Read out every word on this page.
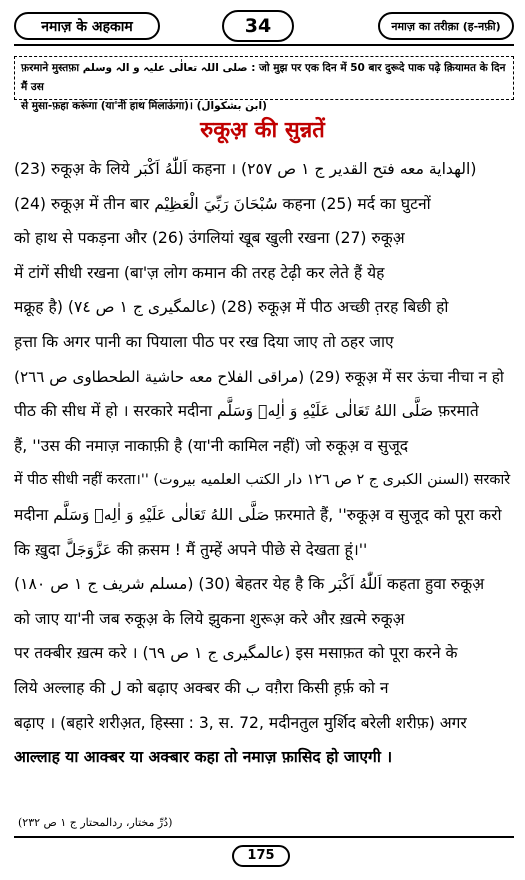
नमाज़ के अहकाम	34	नमाज़ का तरीक़ा (ह-नफ़ी)
फ़रमाने मुस्तफ़ा صلی اللہ تعالٰی علیہ و الہ وسلم : जो मुझ पर एक दिन में 50 बार दुरूदे पाक पढ़े क़ियामत के दिन मैं उस
से मुसा-फ़हा करूंगा (या'नी हाथ मिलाऊंगा)। (ابن بشکوال)
रुकूअ़ की सुन्नतें
(23) रुकूअ़ के लिये اَللّٰهُ اَكْبَر कहना । (الهداية معه فتح القدير ج ١ ص ٢٥٧)
(24) रुकूअ़ में तीन बार سُبْحَانَ رَبِّيَ الْعَظِيْم कहना (25) मर्द का घुटनों
को हाथ से पकड़ना और (26) उंगलियां खूब खुली रखना (27) रुकूअ़
में टांगें सीधी रखना (बा'ज़ लोग कमान की तरह टेढ़ी कर लेते हैं येह
मक्रूह है) (عالمگیری ج ١ ص ٧٤) (28) रुकूअ़ में पीठ अच्छी त़रह बिछी हो
ह़त्ता कि अगर पानी का पियाला पीठ पर रख दिया जाए तो ठहर जाए
(مراقی الفلاح معه حاشیة الطحطاوی ص ٢٦٦) (29) रुकूअ़ में सर ऊंचा नीचा न हो
पीठ की सीध में हो । सरकारे मदीना صَلَّى اللهُ تَعَالٰى عَلَيْهِ وَ اٰلِهٖ وَسَلَّم फ़रमाते
हैं, ''उस की नमाज़ नाकाफ़ी है (या'नी कामिल नहीं) जो रुकूअ़ व सुजूद
में पीठ सीधी नहीं करता।'' (السنن الکبری ج ٢ ص ١٢٦ دار الکتب العلمیه بیروت) सरकारे
मदीना صَلَّى اللهُ تَعَالٰى عَلَيْهِ وَ اٰلِهٖ وَسَلَّم फ़रमाते हैं, ''रुकूअ़ व सुजूद को पूरा करो
कि ख़ुदा عَزَّوَجَلَّ की क़सम ! मैं तुम्हें अपने पीछे से देखता हूं।''
(مسلم شریف ج ١ ص ١٨٠) (30) बेहतर येह है कि اَللّٰهُ اَكْبَر कहता हुवा रुकूअ़
को जाए या'नी जब रुकूअ़ के लिये झुकना शुरूअ़ करे और ख़त्मे रुकूअ़
पर तक्बीर ख़त्म करे । (عالمگیری ج ١ ص ٦٩) इस मसाफ़त को पूरा करने के
लिये अल्लाह की ل को बढ़ाए अक्बर की ب वग़ैरा किसी ह़र्फ़ को न
बढ़ाए । (बहारे शरीअ़त, हिस्सा : 3, स. 72, मदीनतुल मुर्शिद बरेली शरीफ़) अगर
आल्लाह या आक्बर या अक्बार कहा तो नमाज़ फ़ासिद हो जाएगी ।
(دُرِّ مختار، ردالمحتار ج ١ ص ٢٣٢)
175
